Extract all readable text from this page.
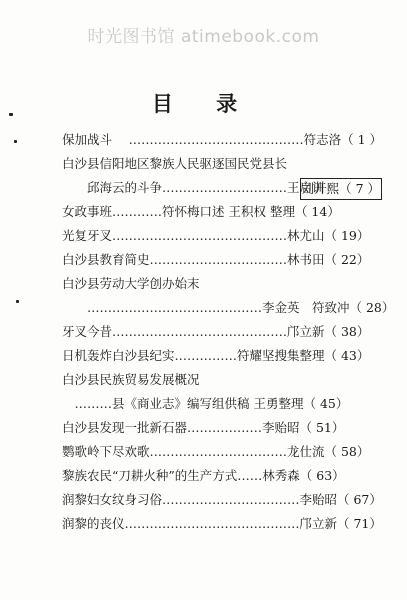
时光图书馆 atimebook.com
目 录
保加战斗 ……………………………………符志洛（ 1 ）
白沙县信阳地区黎族人民驱逐国民党县长
　　邱海云的斗争…………………………王启训
刘开熙（ 7 ）
女政事班…………符怀梅口述 王积权 整理（ 14）
光复牙叉……………………………………林尤山（ 19）
白沙县教育简史……………………………林书田（ 22）
白沙县劳动大学创办始末
　　……………………………………李金英　符致冲（ 28）
牙叉今昔……………………………………邝立新（ 38）
日机轰炸白沙县纪实……………符耀坚搜集整理（ 43）
白沙县民族贸易发展概况
　………县《商业志》编写组供稿 王勇整理（ 45）
白沙县发现一批新石器………………李贻昭（ 51）
鹦歌岭下尽欢歌……………………………龙仕流（ 58）
黎族农民“刀耕火种”的生产方式……林秀森（ 63）
润黎妇女纹身习俗……………………………李贻昭（ 67）
润黎的丧仪……………………………………邝立新（ 71）
